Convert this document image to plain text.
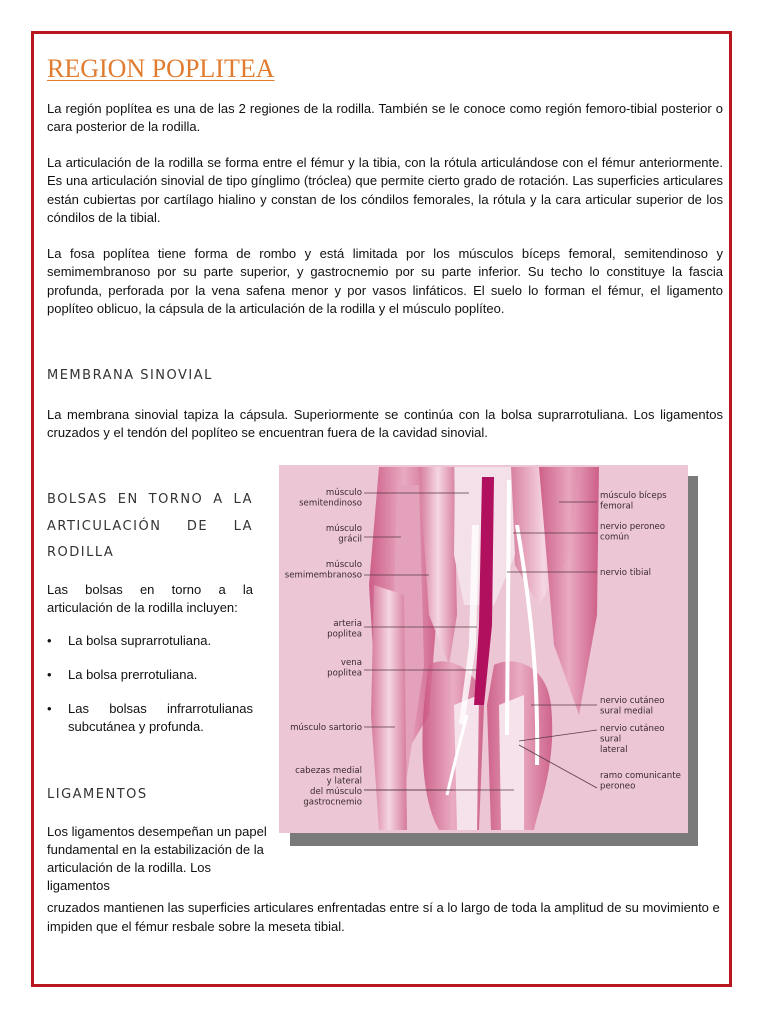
REGION POPLITEA

La región poplítea es una de las 2 regiones de la rodilla. También se le conoce como región femoro-tibial posterior o cara posterior de la rodilla.

La articulación de la rodilla se forma entre el fémur y la tibia, con la rótula articulándose con el fémur anteriormente. Es una articulación sinovial de tipo gínglimo (tróclea) que permite cierto grado de rotación. Las superficies articulares están cubiertas por cartílago hialino y constan de los cóndilos femorales, la rótula y la cara articular superior de los cóndilos de la tibial.

La fosa poplítea tiene forma de rombo y está limitada por los músculos bíceps femoral, semitendinoso y semimembranoso por su parte superior, y gastrocnemio por su parte inferior. Su techo lo constituye la fascia profunda, perforada por la vena safena menor y por vasos linfáticos. El suelo lo forman el fémur, el ligamento poplíteo oblicuo, la cápsula de la articulación de la rodilla y el músculo poplíteo.

MEMBRANA SINOVIAL

La membrana sinovial tapiza la cápsula. Superiormente se continúa con la bolsa suprarrotuliana. Los ligamentos cruzados y el tendón del poplíteo se encuentran fuera de la cavidad sinovial.

BOLSAS EN TORNO A LA ARTICULACIÓN DE LA RODILLA

Las bolsas en torno a la articulación de la rodilla incluyen:

• La bolsa suprarrotuliana.
• La bolsa prerrotuliana.
• Las bolsas infrarrotulianas subcutánea y profunda.
LIGAMENTOS

Los ligamentos desempeñan un papel fundamental en la estabilización de la articulación de la rodilla. Los ligamentos

cruzados mantienen las superficies articulares enfrentadas entre sí a lo largo de toda la amplitud de su movimiento e impiden que el fémur resbale sobre la meseta tibial.

músculo semitendinoso
músculo grácil
músculo semimembranoso
arteria poplitea
vena poplitea
músculo sartorio
cabezas medial y lateral del músculo gastrocnemio
músculo bíceps femoral
nervio peroneo común
nervio tibial
nervio cutáneo sural medial
nervio cutáneo sural lateral
ramo comunicante peroneo
